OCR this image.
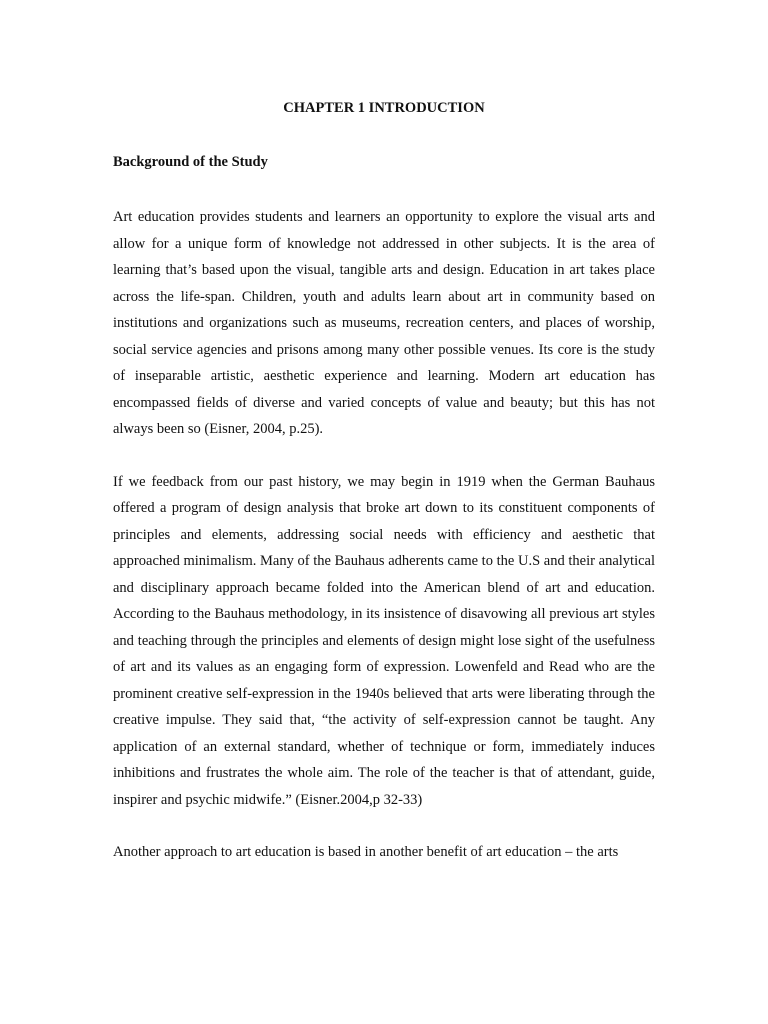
CHAPTER 1 INTRODUCTION
Background of the Study

Art education provides students and learners an opportunity to explore the visual arts and allow for a unique form of knowledge not addressed in other subjects. It is the area of learning that’s based upon the visual, tangible arts and design. Education in art takes place across the life-span. Children, youth and adults learn about art in community based on institutions and organizations such as museums, recreation centers, and places of worship, social service agencies and prisons among many other possible venues. Its core is the study of inseparable artistic, aesthetic experience and learning. Modern art education has encompassed fields of diverse and varied concepts of value and beauty; but this has not always been so (Eisner, 2004, p.25).

If we feedback from our past history, we may begin in 1919 when the German Bauhaus offered a program of design analysis that broke art down to its constituent components of principles and elements, addressing social needs with efficiency and aesthetic that approached minimalism. Many of the Bauhaus adherents came to the U.S and their analytical and disciplinary approach became folded into the American blend of art and education. According to the Bauhaus methodology, in its insistence of disavowing all previous art styles and teaching through the principles and elements of design might lose sight of the usefulness of art and its values as an engaging form of expression. Lowenfeld and Read who are the prominent creative self-expression in the 1940s believed that arts were liberating through the creative impulse. They said that, “the activity of self-expression cannot be taught. Any application of an external standard, whether of technique or form, immediately induces inhibitions and frustrates the whole aim. The role of the teacher is that of attendant, guide, inspirer and psychic midwife.” (Eisner.2004,p 32-33)

Another approach to art education is based in another benefit of art education – the arts
